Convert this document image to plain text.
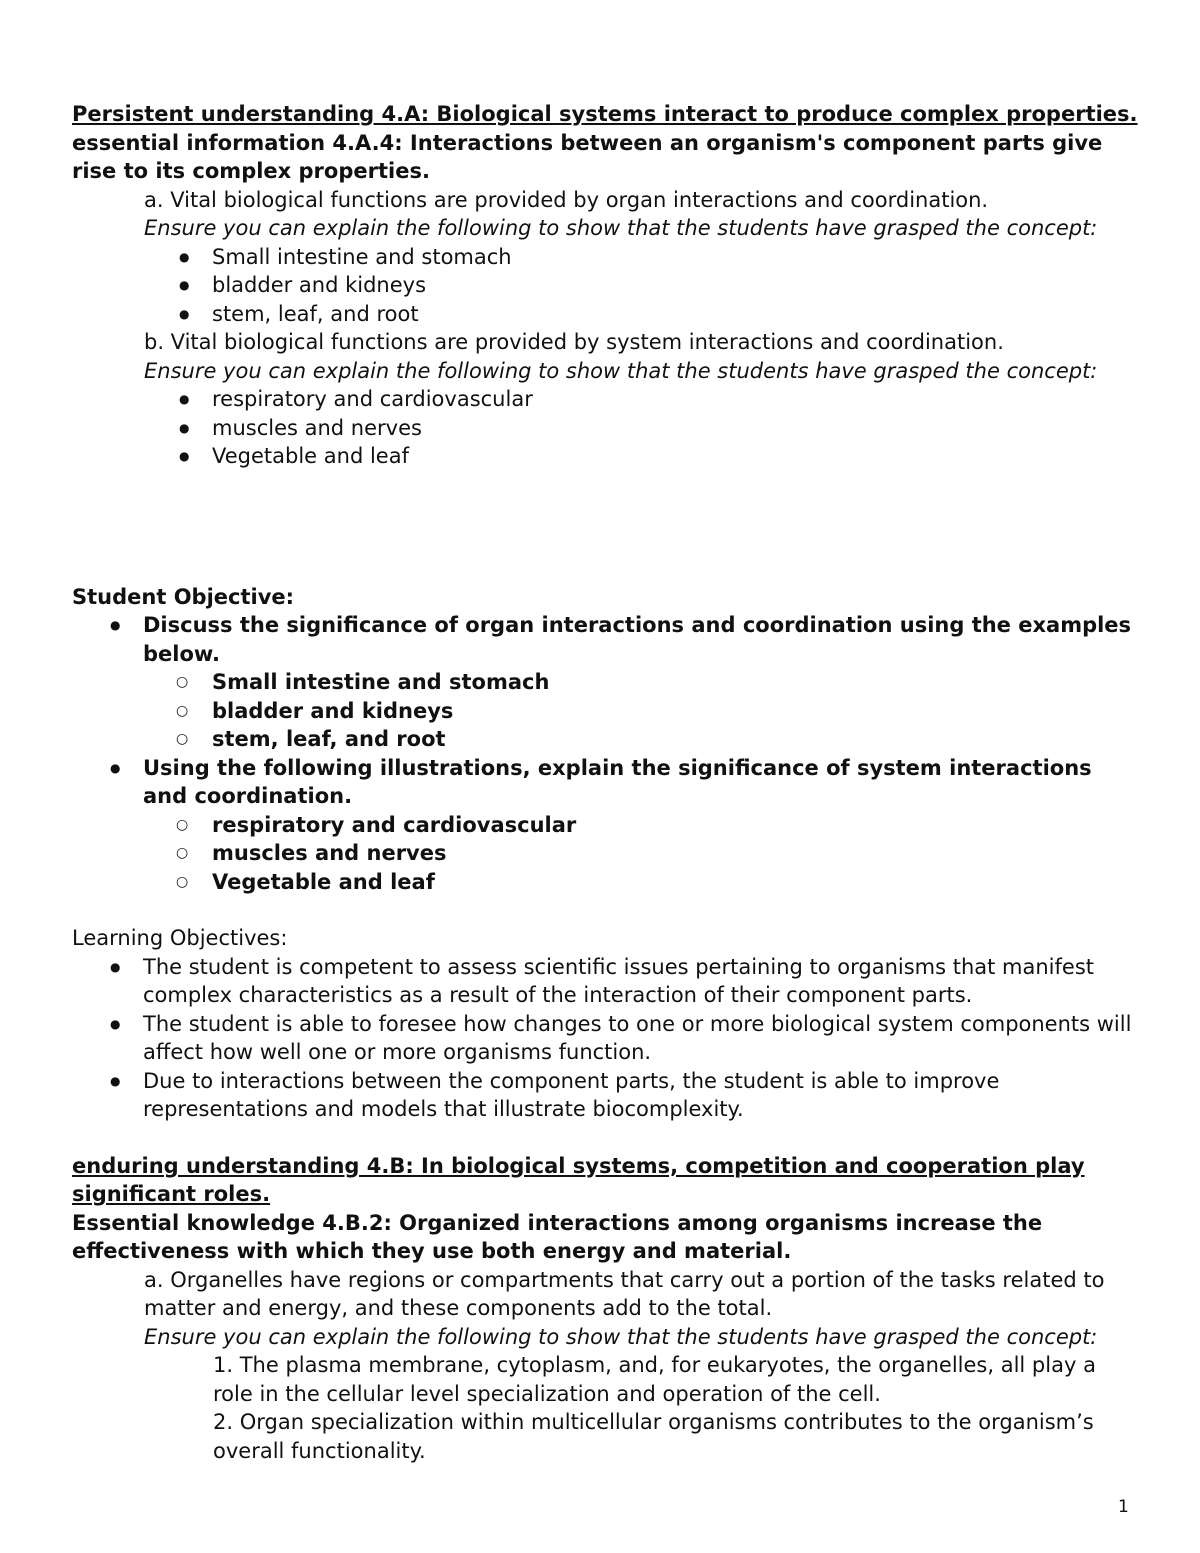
Persistent understanding 4.A: Biological systems interact to produce complex properties.
essential information 4.A.4: Interactions between an organism's component parts give rise to its complex properties.
a. Vital biological functions are provided by organ interactions and coordination.
Ensure you can explain the following to show that the students have grasped the concept:
● Small intestine and stomach
● bladder and kidneys
● stem, leaf, and root
b. Vital biological functions are provided by system interactions and coordination.
Ensure you can explain the following to show that the students have grasped the concept:
● respiratory and cardiovascular
● muscles and nerves
● Vegetable and leaf
Student Objective:
● Discuss the significance of organ interactions and coordination using the examples below.
○ Small intestine and stomach
○ bladder and kidneys
○ stem, leaf, and root
● Using the following illustrations, explain the significance of system interactions and coordination.
○ respiratory and cardiovascular
○ muscles and nerves
○ Vegetable and leaf
Learning Objectives:
● The student is competent to assess scientific issues pertaining to organisms that manifest complex characteristics as a result of the interaction of their component parts.
● The student is able to foresee how changes to one or more biological system components will affect how well one or more organisms function.
● Due to interactions between the component parts, the student is able to improve representations and models that illustrate biocomplexity.
enduring understanding 4.B: In biological systems, competition and cooperation play significant roles.
Essential knowledge 4.B.2: Organized interactions among organisms increase the effectiveness with which they use both energy and material.
a. Organelles have regions or compartments that carry out a portion of the tasks related to matter and energy, and these components add to the total.
Ensure you can explain the following to show that the students have grasped the concept:
1. The plasma membrane, cytoplasm, and, for eukaryotes, the organelles, all play a role in the cellular level specialization and operation of the cell.
2. Organ specialization within multicellular organisms contributes to the organism’s overall functionality.
1
